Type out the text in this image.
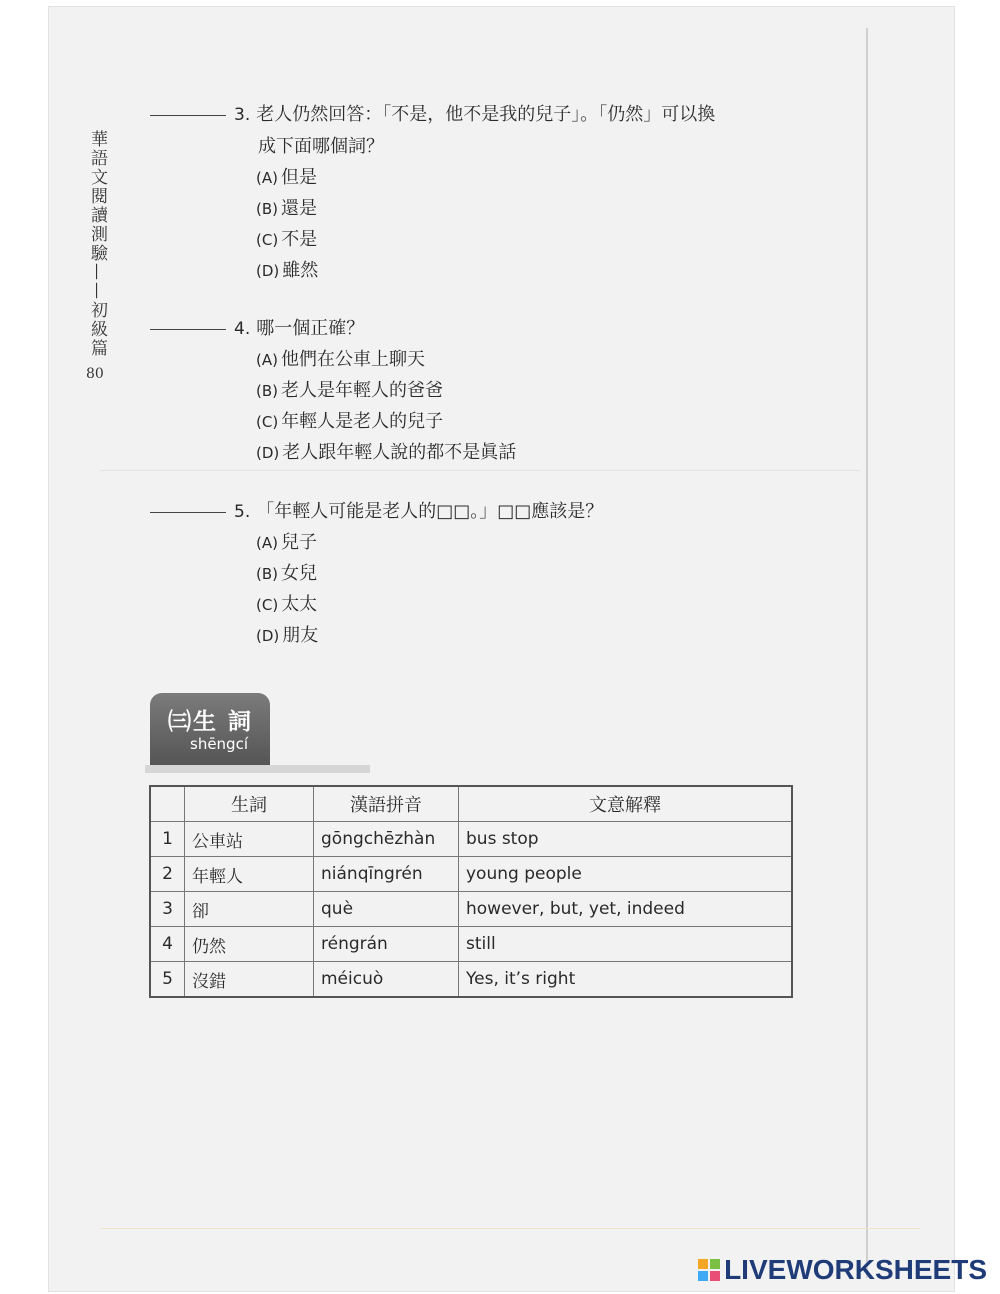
華語文閱讀測驗——初級篇
80
3. 老人仍然回答：「不是，他不是我的兒子」。「仍然」可以換
成下面哪個詞？
(A) 但是
(B) 還是
(C) 不是
(D) 雖然
4. 哪一個正確？
(A) 他們在公車上聊天
(B) 老人是年輕人的爸爸
(C) 年輕人是老人的兒子
(D) 老人跟年輕人說的都不是眞話
5. 「年輕人可能是老人的□□。」□□應該是？
(A) 兒子
(B) 女兒
(C) 太太
(D) 朋友
㈢生 詞
shēngcí
	生詞	漢語拼音	文意解釋
1	公車站	gōngchēzhàn	bus stop
2	年輕人	niánqīngrén	young people
3	卻	què	however, but, yet, indeed
4	仍然	réngrán	still
5	沒錯	méicuò	Yes, it’s right
LIVEWORKSHEETS
